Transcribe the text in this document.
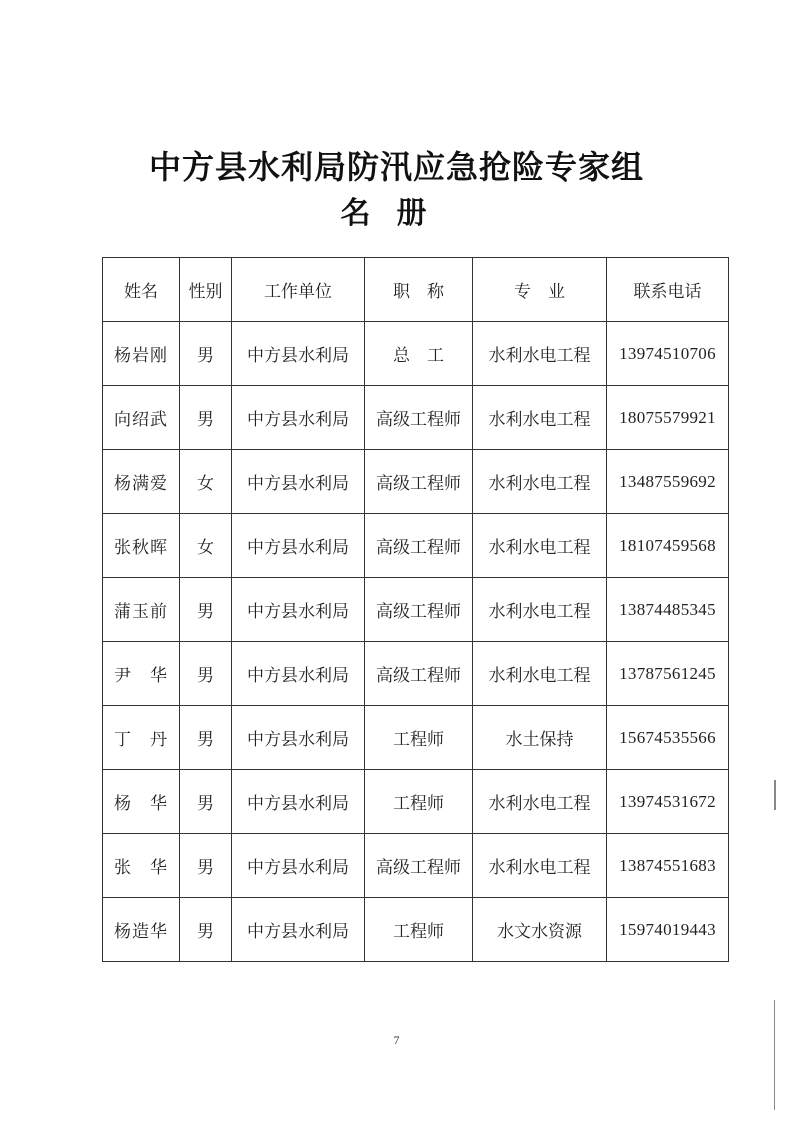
中方县水利局防汛应急抢险专家组
名册
姓名	性别	工作单位	职　称	专　业	联系电话
杨岩刚	男	中方县水利局	总　工	水利水电工程	13974510706
向绍武	男	中方县水利局	高级工程师	水利水电工程	18075579921
杨满爱	女	中方县水利局	高级工程师	水利水电工程	13487559692
张秋晖	女	中方县水利局	高级工程师	水利水电工程	18107459568
蒲玉前	男	中方县水利局	高级工程师	水利水电工程	13874485345
尹　华	男	中方县水利局	高级工程师	水利水电工程	13787561245
丁　丹	男	中方县水利局	工程师	水土保持	15674535566
杨　华	男	中方县水利局	工程师	水利水电工程	13974531672
张　华	男	中方县水利局	高级工程师	水利水电工程	13874551683
杨造华	男	中方县水利局	工程师	水文水资源	15974019443
7
